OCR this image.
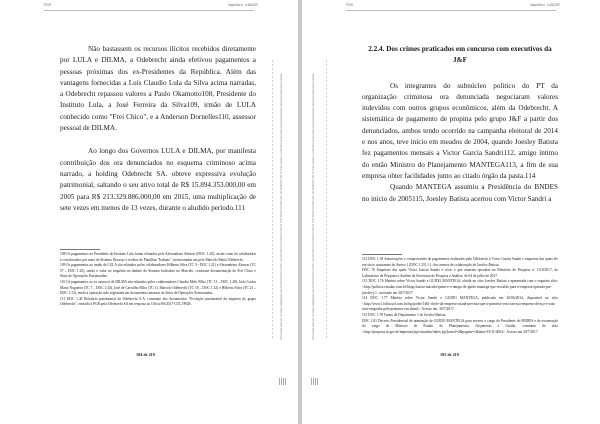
PGR	Inquérito n. 4.483/DF

Não bastassem os recursos ilícitos recebidos diretamente por LULA e DILMA, a Odebrecht ainda efetivou pagamentos a pessoas próximas dos ex-Presidentes da República. Além das vantagens fornecidas a Luís Claudio Lula da Silva acima narradas, a Odebrecht repassou valores a Paulo Okamotto108, Presidente do Instituto Lula, a José Ferreira da Silva109, irmão de LULA conhecido como "Frei Chico", e a Anderson Dornelles110, assessor pessoal de DILMA.

Ao longo dos Governos LULA e DILMA, por manifesta contribuição dos ora denunciados no esquema criminoso acima narrado, a holding Odebrecht SA. obteve expressiva evolução patrimonial, saltando o seu ativo total de R$ 15.894.353.000,00 em 2005 para R$ 213.329.886.000,00 em 2015, uma multiplicação de sete vezes em menos de 13 vezes, durante o aludido período.111

108 Os pagamentos ao Presidente do Instituto Lula foram relatados pelo Alexandrino Alencar (DOC. 1.20), assim como do colaborador e corroborados por meio de Sistema Drousys e recibos de Planilhas "Italiano", mencionadas em pelo Marcelo Bahia Odebrecht.

109 Os pagamentos ao irmão de LULA são relatados pelos colaboradores Hilberto Silva (TC 9 - DOC 1.21) e Alexandrino Alencar (TC 57 – DOC 1.25), sendo o valor no inquérito no âmbito do Sistema Judiciário no Marcelo, conforme documentação do Frei Chico e Setor de Operações Estruturadas.

110 Os pagamentos ao ex assessor de DILMA são relatados pelos colaboradores Claudio Melo Filho (TC 13 – DOC 1.28), João Carlos Mariz Nogueira (TC 7 – DOC 1.44), José de Carvalho Filho (TC 1), Marcelo Odebrecht (TC 18 – DOC 1.32) e Hilberto Silva (TC 21 – DOC 1.33), tendo a operação sido registrada em documentos internos do Setor de Operações Estruturadas.

111 DOC 1.40 Relatório patrimonial da Odebrecht S.A. constante dos documentos "Evolução patrimonial da empresa do grupo Odebrecht", enviado à PGR pela Odebrecht SA em resposta ao Ofício 80/2017-GTLJ/PGR.

104 de 219
Documento assinado via Token digitalmente por PROCURADOR-GERAL DA REPÚBLICA RODRIGO JANOT MONTEIRO DE BARROS, em 05/09/2017 09:13. Para verificar a assinatura acesse http://www.transparencia.mpf.mp.br/validacaodocumento.
PGR	Inquérito n. 4.483/DF

2.2.4. Dos crimes praticados em concurso com executivos da
J&F

Os integrantes do subnúcleo político do PT da organização criminosa ora denunciada negociaram valores indevidos com outros grupos econômicos, além da Odebrecht. A sistemática de pagamento de propina pelo grupo J&F a partir dos denunciados, ambos tendo ocorrido na campanha eleitoral de 2014 e nos anos, teve início em meados de 2004, quando Joesley Batista fez pagamentos mensais a Victor Garcia Sandri112, amigo íntimo do então Ministro do Planejamento MANTEGA113, a fim de sua empresa obter facilidades junto ao citado órgão da pasta.114

Quando MANTEGA assumiu a Presidência do BNDES no início de 2005115, Joesley Batista acertou com Victor Sandri a

112 DOC 1.39 Autorizações e comprovantes de pagamentos realizados pela Odebrecht a Victor Garcia Sandri e empresas das quais ele era sócio constantes do Anexo 1 (DOC 1.35) 1.1; dos termos de colaboração de Joesley Batista.

DOC 76 Empresas das quais Victor Garcia Sandri é sócio e que atuaram operadas no Relatório de Pesquisa nº 1110/2017, do Laboratório de Pesquisa e Análise da Secretaria de Pesquisa e Análise, de 04 de julho de 2017.

113 DOC 1.76 Matéria sobre Victor Sandri e GUIDO MANTEGA, obtida no sítio Joesley Batista e aparentada com o seguinte sítio: <http://politica.estadao.com.br/blogs/fausto-macedo/quem-e-o-amigo-de-guido-mantega-que-rescaldo-para-a-empresa-operada-por-joesley-j/>, acessado em 30/7/2017.

114 DOC 1.77 Matéria sobre Victor Sandri e GUIDO MANTEGA, publicada em 20/06/2014, disponível no sítio <http://www1.folha.uol.com.br/fsp/poder/1461-chefe-da-empresa-citada-prevista-que-a-primeira-vez/com-sua-empresa-de-aço-e-saiu-sem-vergonha-pela-primeira-vez.shtml>. Acesso em: 30/7/2017.

115 DOC 1.78 Termo de Depoimento 1 de Joesley Batista.

DOC 1.81 Decreto Presidencial de nomeação de GUIDO MANTEGA para exercer o cargo de Presidente do BNDES e de exoneração do cargo de Ministro de Estado do Planejamento, Orçamento e Gestão, constante do sítio <http://pesquisa.in.gov.br/imprensa/jsp/visualiza/index.jsp?jornal=2&pagina=1&data=19/11/2004>. Acesso em 30/7/2017.

105 de 219
Documento assinado via Token digitalmente por PROCURADOR-GERAL DA REPÚBLICA RODRIGO JANOT MONTEIRO DE BARROS, em 05/09/2017 09:13. Para verificar a assinatura acesse http://www.transparencia.mpf.mp.br/validacaodocumento.
